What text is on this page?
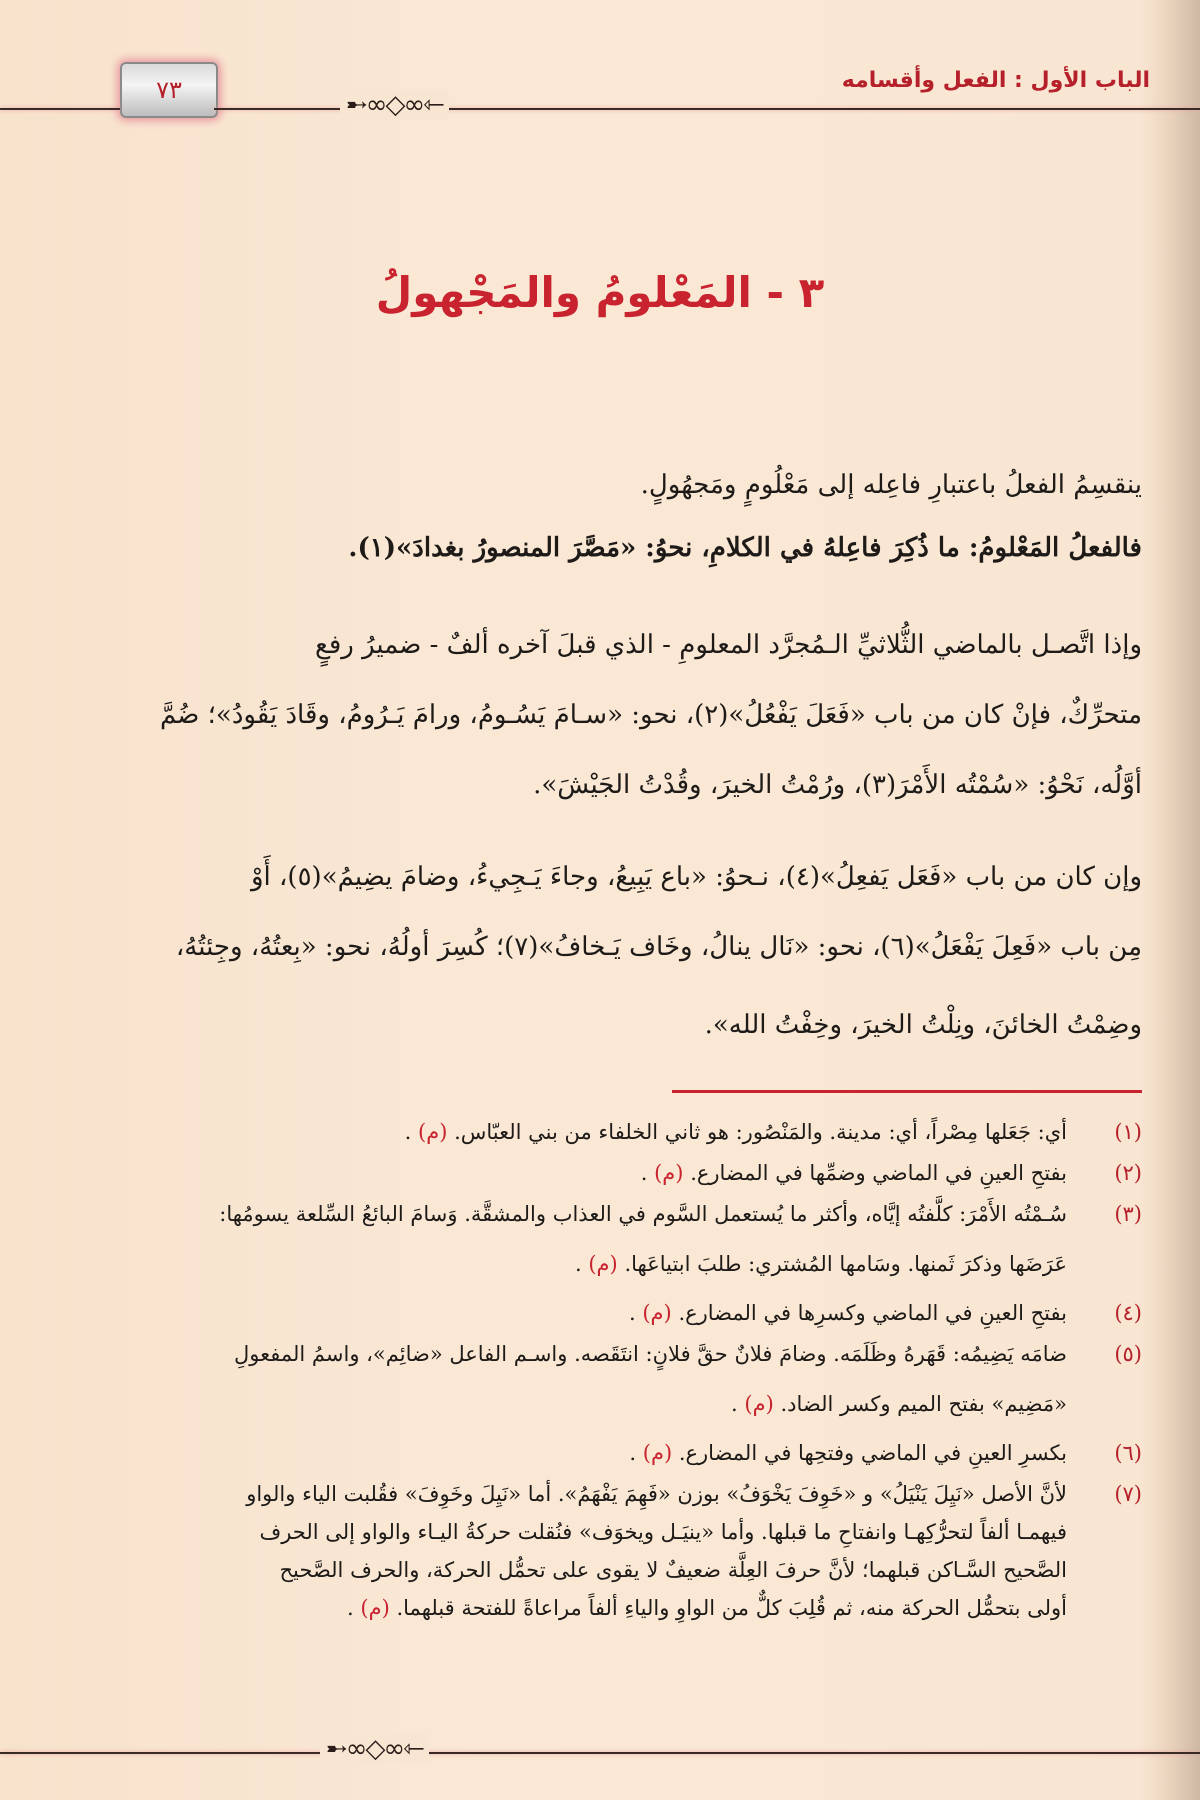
الباب الأول : الفعل وأقسامه
٧٣	➸∞◇∞⇽
٣ - المَعْلومُ والمَجْهولُ
ينقسِمُ الفعلُ باعتبارِ فاعِله إلى مَعْلُومٍ ومَجهُولٍ.
فالفعلُ المَعْلومُ: ما ذُكِرَ فاعِلهُ في الكلامِ، نحوُ: «مَصَّرَ المنصورُ بغدادَ»(١).
وإذا اتَّصـل بالماضي الثُّلاثيِّ الـمُجرَّد المعلومِ - الذي قبلَ آخره ألفٌ - ضميرُ رفعٍ
متحرِّكٌ، فإنْ كان من باب «فَعَلَ يَفْعُلُ»(٢)، نحو: «سـامَ يَسُـومُ، ورامَ يَـرُومُ، وقَادَ يَقُودُ»؛ ضُمَّ
أوَّلُه، نَحْوُ: «سُمْتُه الأَمْرَ(٣)، ورُمْتُ الخيرَ، وقُدْتُ الجَيْشَ».
وإن كان من باب «فَعَل يَفعِلُ»(٤)، نـحوُ: «باع يَبِيعُ، وجاءَ يَـجِيءُ، وضامَ يضِيمُ»(٥)، أَوْ
مِن باب «فَعِلَ يَفْعَلُ»(٦)، نحو: «نَال ينالُ، وخَاف يَـخافُ»(٧)؛ كُسِرَ أولُهُ، نحو: «بِعتُهُ، وجِئتُهُ،
وضِمْتُ الخائنَ، ونِلْتُ الخيرَ، وخِفْتُ الله».
(١)
أي: جَعَلها مِصْراً، أي: مدينة. والمَنْصُور: هو ثاني الخلفاء من بني العبّاس. (م) .
(٢)
بفتحِ العينِ في الماضي وضمِّها في المضارع. (م) .
(٣)
سُـمْتُه الأَمْرَ: كلَّفتُه إيَّاه، وأكثر ما يُستعمل السَّوم في العذاب والمشقَّة. وَسامَ البائعُ السِّلعة يسومُها:
عَرَضَها وذكرَ ثَمنها. وسَامها المُشتري: طلبَ ابتياعَها. (م) .
(٤)
بفتحِ العينِ في الماضي وكسرِها في المضارع. (م) .
(٥)
ضامَه يَضِيمُه: قَهَرهُ وظَلَمَه. وضامَ فلانٌ حقَّ فلانٍ: انتَقَصه. واسـم الفاعل «ضائِم»، واسمُ المفعولِ
«مَضِيم» بفتح الميم وكسر الضاد. (م) .
(٦)
بكسرِ العينِ في الماضي وفتحِها في المضارع. (م) .
(٧)
لأنَّ الأصل «نَيِلَ يَنْيَلُ» و «خَوِفَ يَخْوَفُ» بوزن «فَهِمَ يَفْهَمُ». أما «نَيِلَ وخَوِفَ» فقُلبت الياء والواو
فيهمـا ألفاً لتحرُّكِهـا وانفتاحِ ما قبلها. وأما «ينيَـل ويخوَف» فنُقلت حركةُ اليـاء والواو إلى الحرف
الصَّحيح السَّـاكن قبلهما؛ لأنَّ حرفَ العِلَّة ضعيفٌ لا يقوى على تحمُّل الحركة، والحرف الصَّحيح
أولى بتحمُّل الحركة منه، ثم قُلِبَ كلٌّ من الواوِ والياءِ ألفاً مراعاةً للفتحة قبلهما. (م) .
➸∞◇∞⇽
